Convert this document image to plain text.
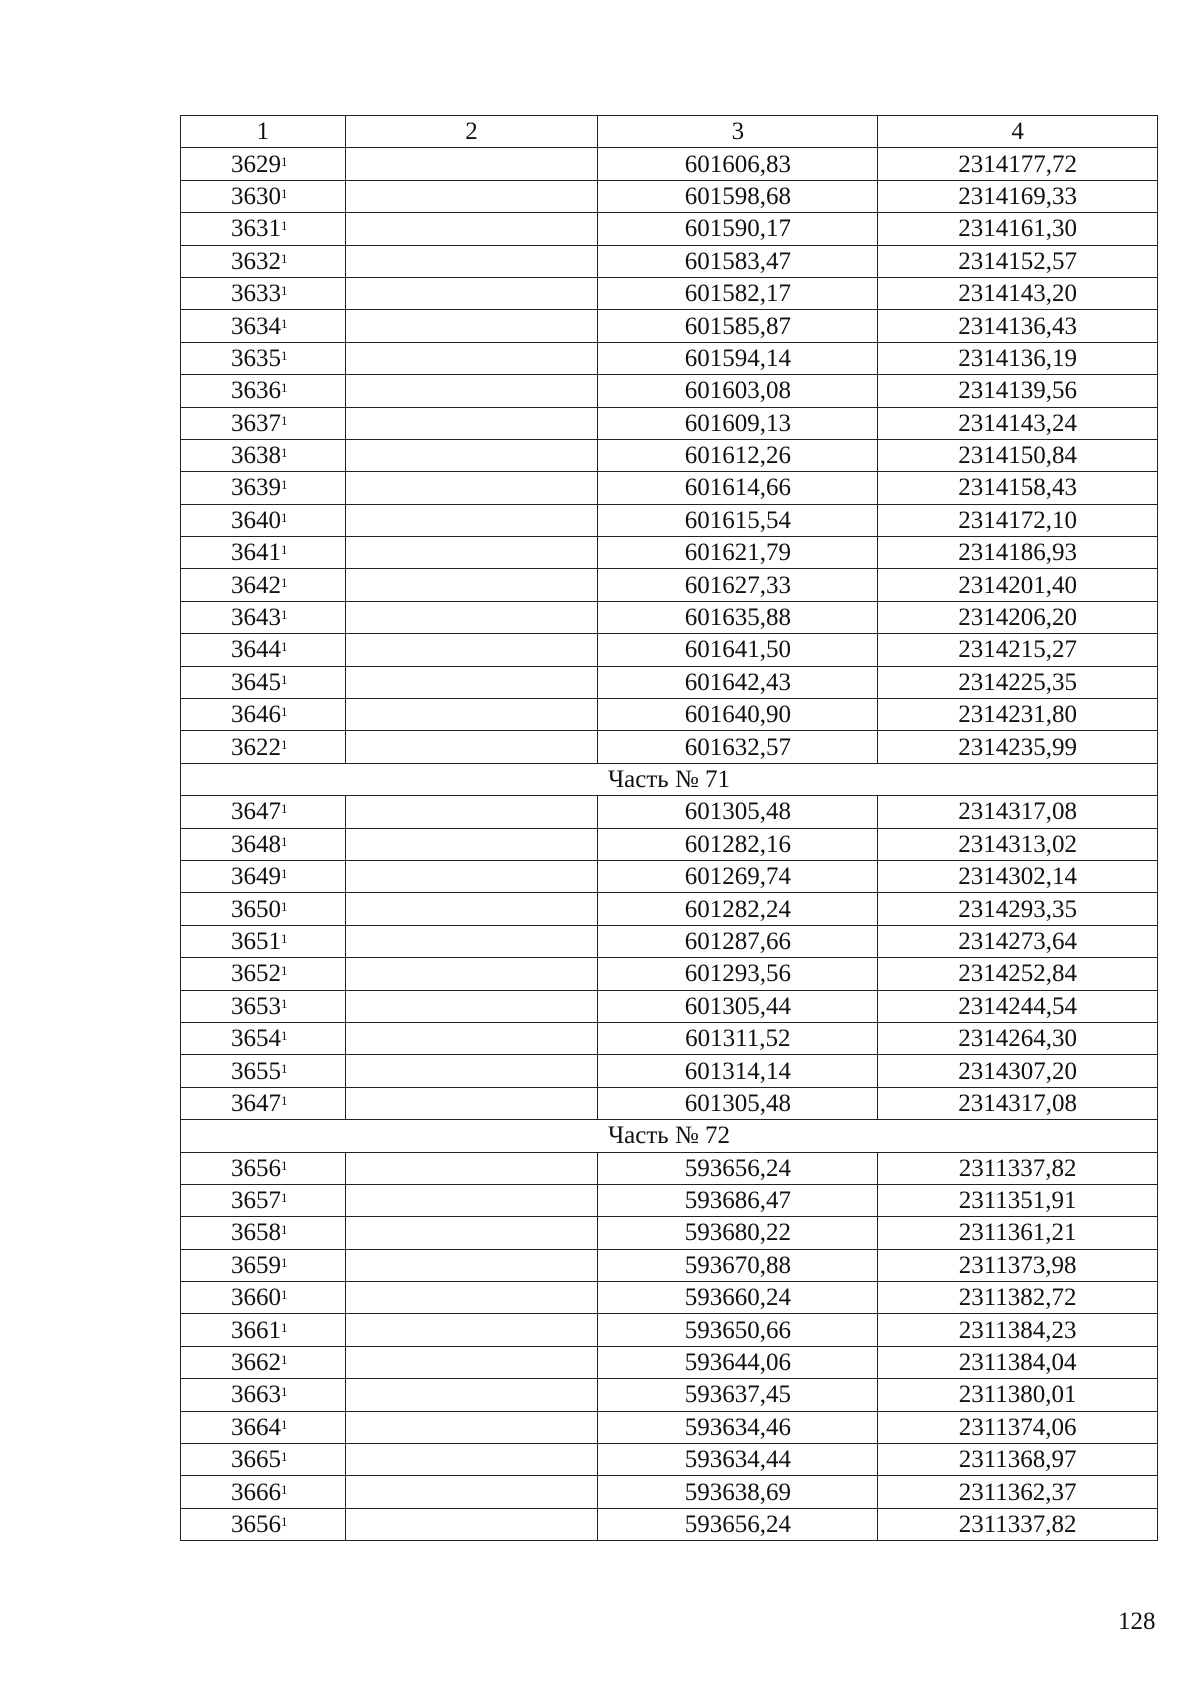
1	2	3	4
3629$^1$		601606,83	2314177,72
3630$^1$		601598,68	2314169,33
3631$^1$		601590,17	2314161,30
3632$^1$		601583,47	2314152,57
3633$^1$		601582,17	2314143,20
3634$^1$		601585,87	2314136,43
3635$^1$		601594,14	2314136,19
3636$^1$		601603,08	2314139,56
3637$^1$		601609,13	2314143,24
3638$^1$		601612,26	2314150,84
3639$^1$		601614,66	2314158,43
3640$^1$		601615,54	2314172,10
3641$^1$		601621,79	2314186,93
3642$^1$		601627,33	2314201,40
3643$^1$		601635,88	2314206,20
3644$^1$		601641,50	2314215,27
3645$^1$		601642,43	2314225,35
3646$^1$		601640,90	2314231,80
3622$^1$		601632,57	2314235,99
Часть № 71			
3647$^1$		601305,48	2314317,08
3648$^1$		601282,16	2314313,02
3649$^1$		601269,74	2314302,14
3650$^1$		601282,24	2314293,35
3651$^1$		601287,66	2314273,64
3652$^1$		601293,56	2314252,84
3653$^1$		601305,44	2314244,54
3654$^1$		601311,52	2314264,30
3655$^1$		601314,14	2314307,20
3647$^1$		601305,48	2314317,08
Часть № 72			
3656$^1$		593656,24	2311337,82
3657$^1$		593686,47	2311351,91
3658$^1$		593680,22	2311361,21
3659$^1$		593670,88	2311373,98
3660$^1$		593660,24	2311382,72
3661$^1$		593650,66	2311384,23
3662$^1$		593644,06	2311384,04
3663$^1$		593637,45	2311380,01
3664$^1$		593634,46	2311374,06
3665$^1$		593634,44	2311368,97
3666$^1$		593638,69	2311362,37
3656$^1$		593656,24	2311337,82
128
